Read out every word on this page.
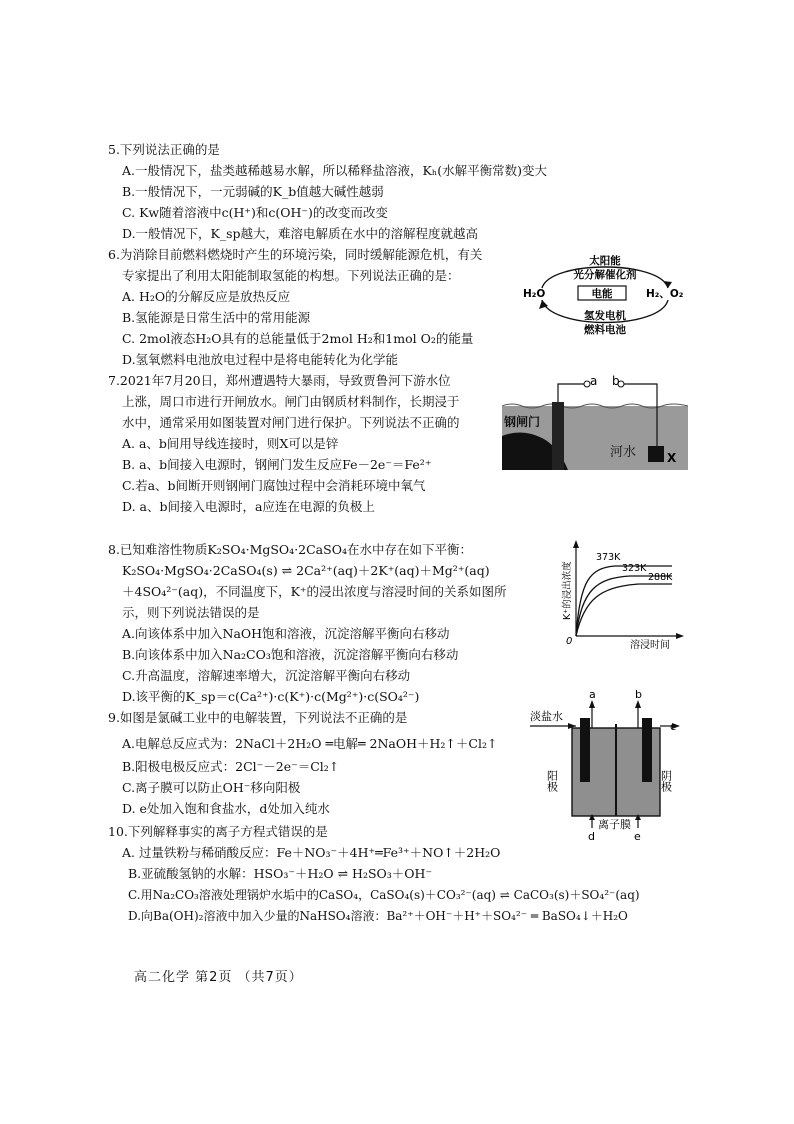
5.下列说法正确的是
A.一般情况下，盐类越稀越易水解，所以稀释盐溶液，Kₕ(水解平衡常数)变大
B.一般情况下，一元弱碱的K_b值越大碱性越弱
C. Kw随着溶液中c(H⁺)和c(OH⁻)的改变而改变
D.一般情况下，K_sp越大，难溶电解质在水中的溶解程度就越高
6.为消除目前燃料燃烧时产生的环境污染，同时缓解能源危机，有关
专家提出了利用太阳能制取氢能的构想。下列说法正确的是：
A. H₂O的分解反应是放热反应
B.氢能源是日常生活中的常用能源
C. 2mol液态H₂O具有的总能量低于2mol H₂和1mol O₂的能量
D.氢氧燃料电池放电过程中是将电能转化为化学能
太阳能
光分解催化剂
H₂O	电能	H₂、O₂
氢发电机
燃料电池
7.2021年7月20日，郑州遭遇特大暴雨，导致贾鲁河下游水位
上涨，周口市进行开闸放水。闸门由钢质材料制作，长期浸于
水中，通常采用如图装置对闸门进行保护。下列说法不正确的
A. a、b间用导线连接时，则X可以是锌
B. a、b间接入电源时，钢闸门发生反应Fe－2e⁻＝Fe²⁺
C.若a、b间断开则钢闸门腐蚀过程中会消耗环境中氧气
D. a、b间接入电源时，a应连在电源的负极上
a b
钢闸门
河水	X
8.已知难溶性物质K₂SO₄·MgSO₄·2CaSO₄在水中存在如下平衡：
K₂SO₄·MgSO₄·2CaSO₄(s) ⇌ 2Ca²⁺(aq)＋2K⁺(aq)＋Mg²⁺(aq)
＋4SO₄²⁻(aq)，不同温度下，K⁺的浸出浓度与溶浸时间的关系如图所
示，则下列说法错误的是
A.向该体系中加入NaOH饱和溶液，沉淀溶解平衡向右移动
B.向该体系中加入Na₂CO₃饱和溶液，沉淀溶解平衡向右移动
C.升高温度，溶解速率增大，沉淀溶解平衡向右移动
D.该平衡的K_sp＝c(Ca²⁺)·c(K⁺)·c(Mg²⁺)·c(SO₄²⁻)
373K
323K
288K
0	溶浸时间
K⁺的浸出浓度
9.如图是氯碱工业中的电解装置，下列说法不正确的是
A.电解总反应式为：2NaCl＋2H₂O ═电解═ 2NaOH＋H₂↑＋Cl₂↑
B.阳极电极反应式：2Cl⁻－2e⁻＝Cl₂↑
C.离子膜可以防止OH⁻移向阳极
D. e处加入饱和食盐水，d处加入纯水
淡盐水
a	b
c
d	e
阳极	阴极
离子膜
10.下列解释事实的离子方程式错误的是
A. 过量铁粉与稀硝酸反应：Fe＋NO₃⁻＋4H⁺═Fe³⁺＋NO↑＋2H₂O
B.亚硫酸氢钠的水解：HSO₃⁻＋H₂O ⇌ H₂SO₃＋OH⁻
C.用Na₂CO₃溶液处理锅炉水垢中的CaSO₄，CaSO₄(s)＋CO₃²⁻(aq) ⇌ CaCO₃(s)＋SO₄²⁻(aq)
D.向Ba(OH)₂溶液中加入少量的NaHSO₄溶液：Ba²⁺＋OH⁻＋H⁺＋SO₄²⁻ ═ BaSO₄↓＋H₂O
高二化学 第2页 （共7页）
